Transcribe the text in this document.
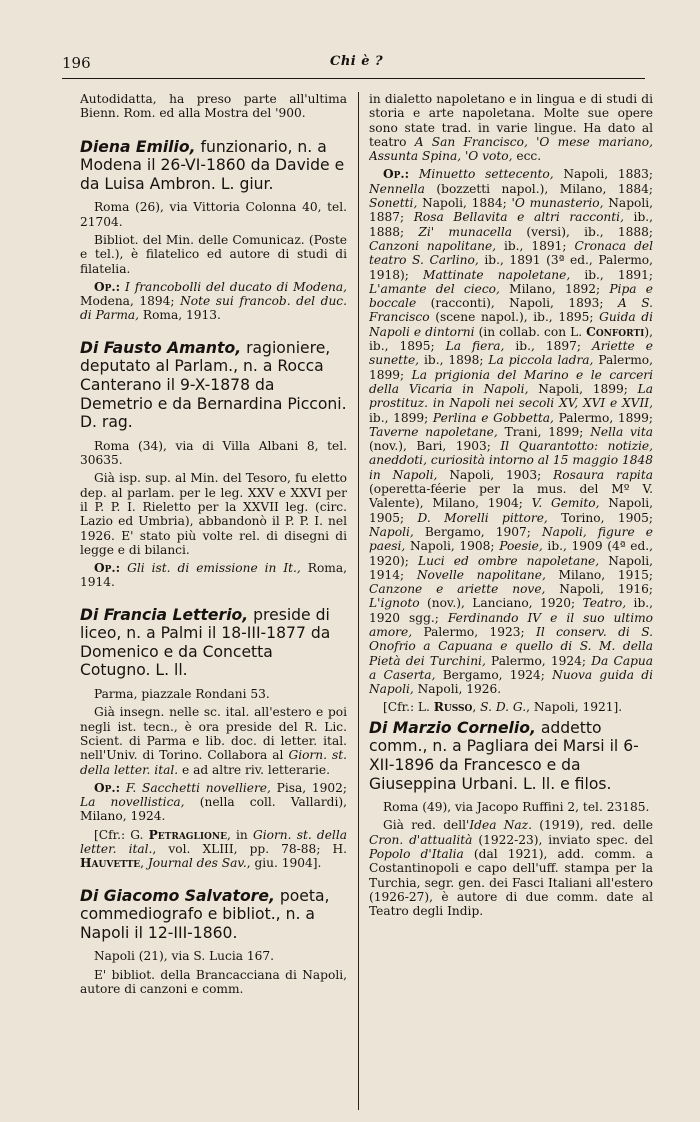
196	Chi è ?

Autodidatta, ha preso parte all'ultima Bienn. Rom. ed alla Mostra del '900.

Diena Emilio, funzionario, n. a Modena il 26-VI-1860 da Davide e da Luisa Ambron. L. giur.

Roma (26), via Vittoria Colonna 40, tel. 21704.

Bibliot. del Min. delle Comunicaz. (Poste e tel.), è filatelico ed autore di studi di filatelia.

Op.: I francobolli del ducato di Modena, Modena, 1894; Note sui francob. del duc. di Parma, Roma, 1913.

Di Fausto Amanto, ragioniere, deputato al Parlam., n. a Rocca Canterano il 9-X-1878 da Demetrio e da Bernardina Picconi. D. rag.

Roma (34), via di Villa Albani 8, tel. 30635.

Già isp. sup. al Min. del Tesoro, fu eletto dep. al parlam. per le leg. XXV e XXVI per il P. P. I. Rieletto per la XXVII leg. (circ. Lazio ed Umbria), abbandonò il P. P. I. nel 1926. E' stato più volte rel. di disegni di legge e di bilanci.

Op.: Gli ist. di emissione in It., Roma, 1914.

Di Francia Letterio, preside di liceo, n. a Palmi il 18-III-1877 da Domenico e da Concetta Cotugno. L. ll.

Parma, piazzale Rondani 53.

Già insegn. nelle sc. ital. all'estero e poi negli ist. tecn., è ora preside del R. Lic. Scient. di Parma e lib. doc. di letter. ital. nell'Univ. di Torino. Collabora al Giorn. st. della letter. ital. e ad altre riv. letterarie.

Op.: F. Sacchetti novelliere, Pisa, 1902; La novellistica, (nella coll. Vallardi), Milano, 1924.

[Cfr.: G. Petraglione, in Giorn. st. della letter. ital., vol. XLIII, pp. 78-88; H. Hauvette, Journal des Sav., giu. 1904].

Di Giacomo Salvatore, poeta, commediografo e bibliot., n. a Napoli il 12-III-1860.

Napoli (21), via S. Lucia 167.

E' bibliot. della Brancacciana di Napoli, autore di canzoni e comm.

in dialetto napoletano e in lingua e di studi di storia e arte napoletana. Molte sue opere sono state trad. in varie lingue. Ha dato al teatro A San Francisco, 'O mese mariano, Assunta Spina, 'O voto, ecc.

Op.: Minuetto settecento, Napoli, 1883; Nennella (bozzetti napol.), Milano, 1884; Sonetti, Napoli, 1884; 'O munasterio, Napoli, 1887; Rosa Bellavita e altri racconti, ib., 1888; Zi' munacella (versi), ib., 1888; Canzoni napolitane, ib., 1891; Cronaca del teatro S. Carlino, ib., 1891 (3ª ed., Palermo, 1918); Mattinate napoletane, ib., 1891; L'amante del cieco, Milano, 1892; Pipa e boccale (racconti), Napoli, 1893; A S. Francisco (scene napol.), ib., 1895; Guida di Napoli e dintorni (in collab. con L. Conforti), ib., 1895; La fiera, ib., 1897; Ariette e sunette, ib., 1898; La piccola ladra, Palermo, 1899; La prigionia del Marino e le carceri della Vicaria in Napoli, Napoli, 1899; La prostituz. in Napoli nei secoli XV, XVI e XVII, ib., 1899; Perlina e Gobbetta, Palermo, 1899; Taverne napoletane, Trani, 1899; Nella vita (nov.), Bari, 1903; Il Quarantotto: notizie, aneddoti, curiosità intorno al 15 maggio 1848 in Napoli, Napoli, 1903; Rosaura rapita (operetta-féerie per la mus. del Mº V. Valente), Milano, 1904; V. Gemito, Napoli, 1905; D. Morelli pittore, Torino, 1905; Napoli, Bergamo, 1907; Napoli, figure e paesi, Napoli, 1908; Poesie, ib., 1909 (4ª ed., 1920); Luci ed ombre napoletane, Napoli, 1914; Novelle napolitane, Milano, 1915; Canzone e ariette nove, Napoli, 1916; L'ignoto (nov.), Lanciano, 1920; Teatro, ib., 1920 sgg.; Ferdinando IV e il suo ultimo amore, Palermo, 1923; Il conserv. di S. Onofrio a Capuana e quello di S. M. della Pietà dei Turchini, Palermo, 1924; Da Capua a Caserta, Bergamo, 1924; Nuova guida di Napoli, Napoli, 1926.

[Cfr.: L. Russo, S. D. G., Napoli, 1921].

Di Marzio Cornelio, addetto comm., n. a Pagliara dei Marsi il 6-XII-1896 da Francesco e da Giuseppina Urbani. L. ll. e filos.

Roma (49), via Jacopo Ruffini 2, tel. 23185.

Già red. dell'Idea Naz. (1919), red. delle Cron. d'attualità (1922-23), inviato spec. del Popolo d'Italia (dal 1921), add. comm. a Costantinopoli e capo dell'uff. stampa per la Turchia, segr. gen. dei Fasci Italiani all'estero (1926-27), è autore di due comm. date al Teatro degli Indip.
